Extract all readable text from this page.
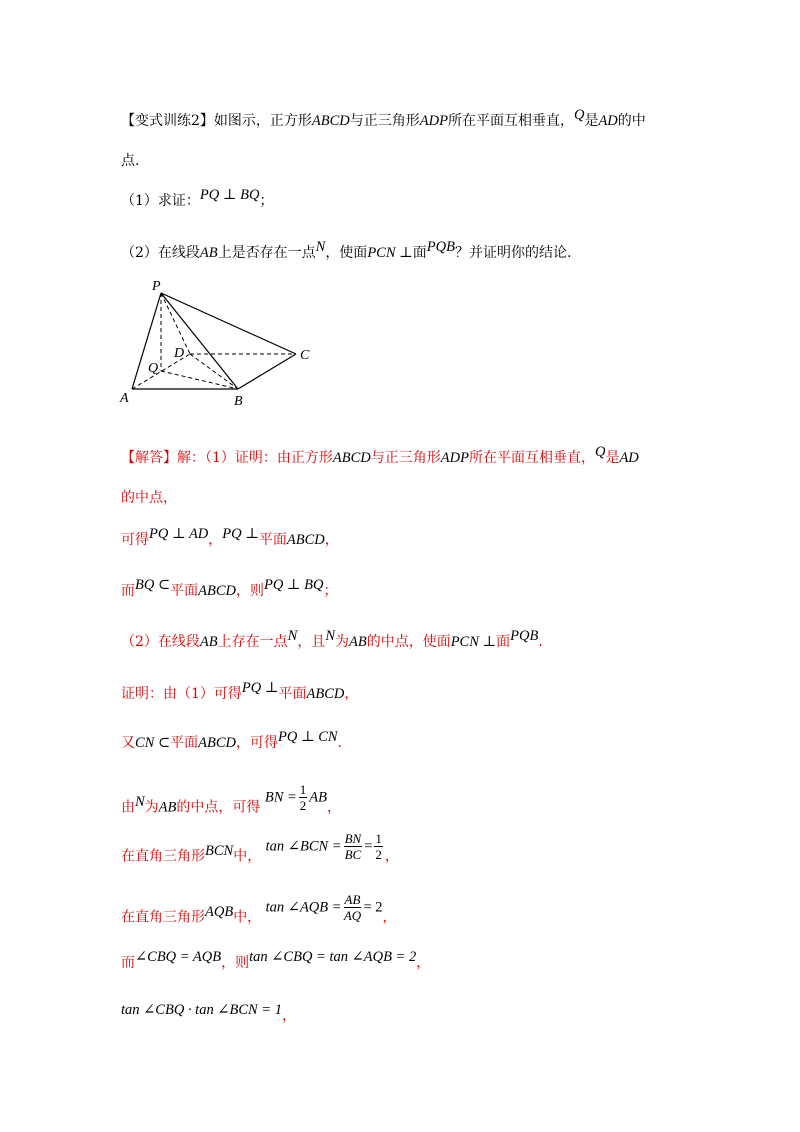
【变式训练2】如图示，正方形ABCD与正三角形ADP所在平面互相垂直，Q是AD的中
点.
（1）求证：PQ ⊥ BQ；
（2）在线段AB上是否存在一点N，使面PCN ⊥面PQB？并证明你的结论.
P
D	C
Q
A	B
【解答】解：（1）证明：由正方形ABCD与正三角形ADP所在平面互相垂直，Q是AD
的中点，
可得PQ ⊥ AD，PQ ⊥平面ABCD，
而BQ ⊂平面ABCD，则PQ ⊥ BQ；
（2）在线段AB上存在一点N，且N为AB的中点，使面PCN ⊥面PQB.
证明：由（1）可得PQ ⊥平面ABCD，
又CN ⊂平面ABCD，可得PQ ⊥ CN.
由N为AB的中点，可得 BN = $\frac{1}{2}$ AB，
在直角三角形BCN中， tan ∠BCN = $\frac{BN}{BC} = \frac{1}{2}$ ，
在直角三角形AQB中， tan ∠AQB = $\frac{AB}{AQ} = 2$，
而∠CBQ = AQB，则tan ∠CBQ = tan ∠AQB = 2，
tan ∠CBQ · tan ∠BCN = 1，
